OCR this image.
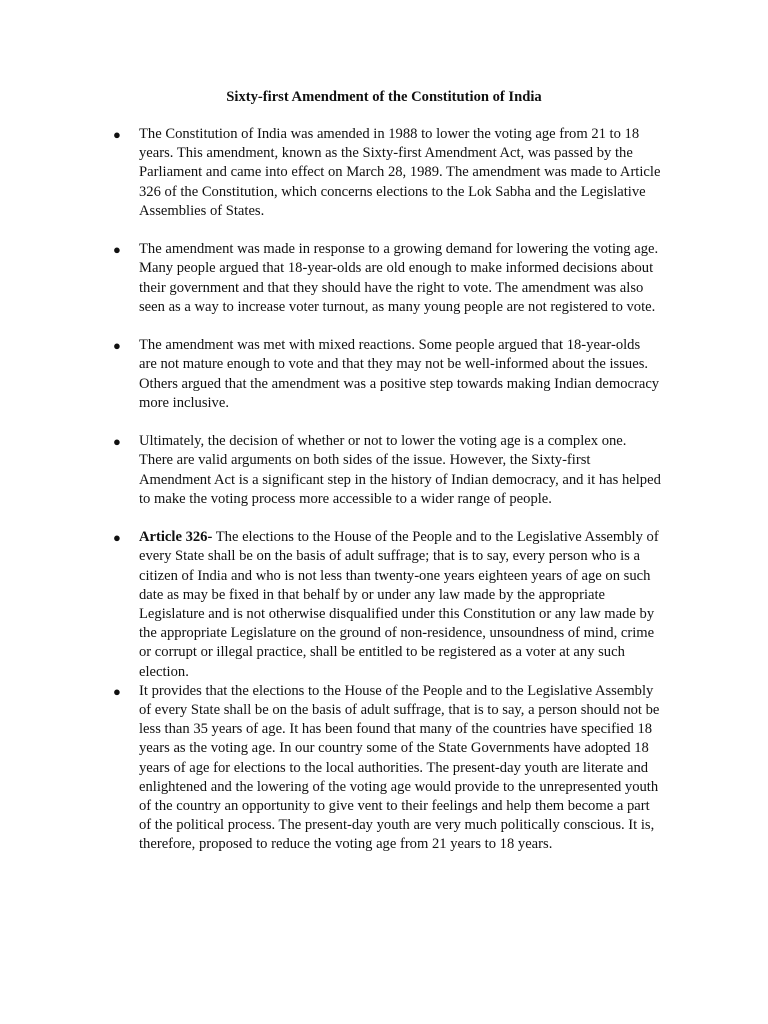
Sixty-first Amendment of the Constitution of India
●	The Constitution of India was amended in 1988 to lower the voting age from 21 to 18 years. This amendment, known as the Sixty-first Amendment Act, was passed by the Parliament and came into effect on March 28, 1989. The amendment was made to Article 326 of the Constitution, which concerns elections to the Lok Sabha and the Legislative Assemblies of States.
●	The amendment was made in response to a growing demand for lowering the voting age. Many people argued that 18-year-olds are old enough to make informed decisions about their government and that they should have the right to vote. The amendment was also seen as a way to increase voter turnout, as many young people are not registered to vote.
●	The amendment was met with mixed reactions. Some people argued that 18-year-olds are not mature enough to vote and that they may not be well-informed about the issues. Others argued that the amendment was a positive step towards making Indian democracy more inclusive.
●	Ultimately, the decision of whether or not to lower the voting age is a complex one. There are valid arguments on both sides of the issue. However, the Sixty-first Amendment Act is a significant step in the history of Indian democracy, and it has helped to make the voting process more accessible to a wider range of people.
●	Article 326- The elections to the House of the People and to the Legislative Assembly of every State shall be on the basis of adult suffrage; that is to say, every person who is a citizen of India and who is not less than twenty-one years eighteen years of age on such date as may be fixed in that behalf by or under any law made by the appropriate Legislature and is not otherwise disqualified under this Constitution or any law made by the appropriate Legislature on the ground of non-residence, unsoundness of mind, crime or corrupt or illegal practice, shall be entitled to be registered as a voter at any such election.
●	It provides that the elections to the House of the People and to the Legislative Assembly of every State shall be on the basis of adult suffrage, that is to say, a person should not be less than 35 years of age. It has been found that many of the countries have specified 18 years as the voting age. In our country some of the State Governments have adopted 18 years of age for elections to the local authorities. The present-day youth are literate and enlightened and the lowering of the voting age would provide to the unrepresented youth of the country an opportunity to give vent to their feelings and help them become a part of the political process. The present-day youth are very much politically conscious. It is, therefore, proposed to reduce the voting age from 21 years to 18 years.
